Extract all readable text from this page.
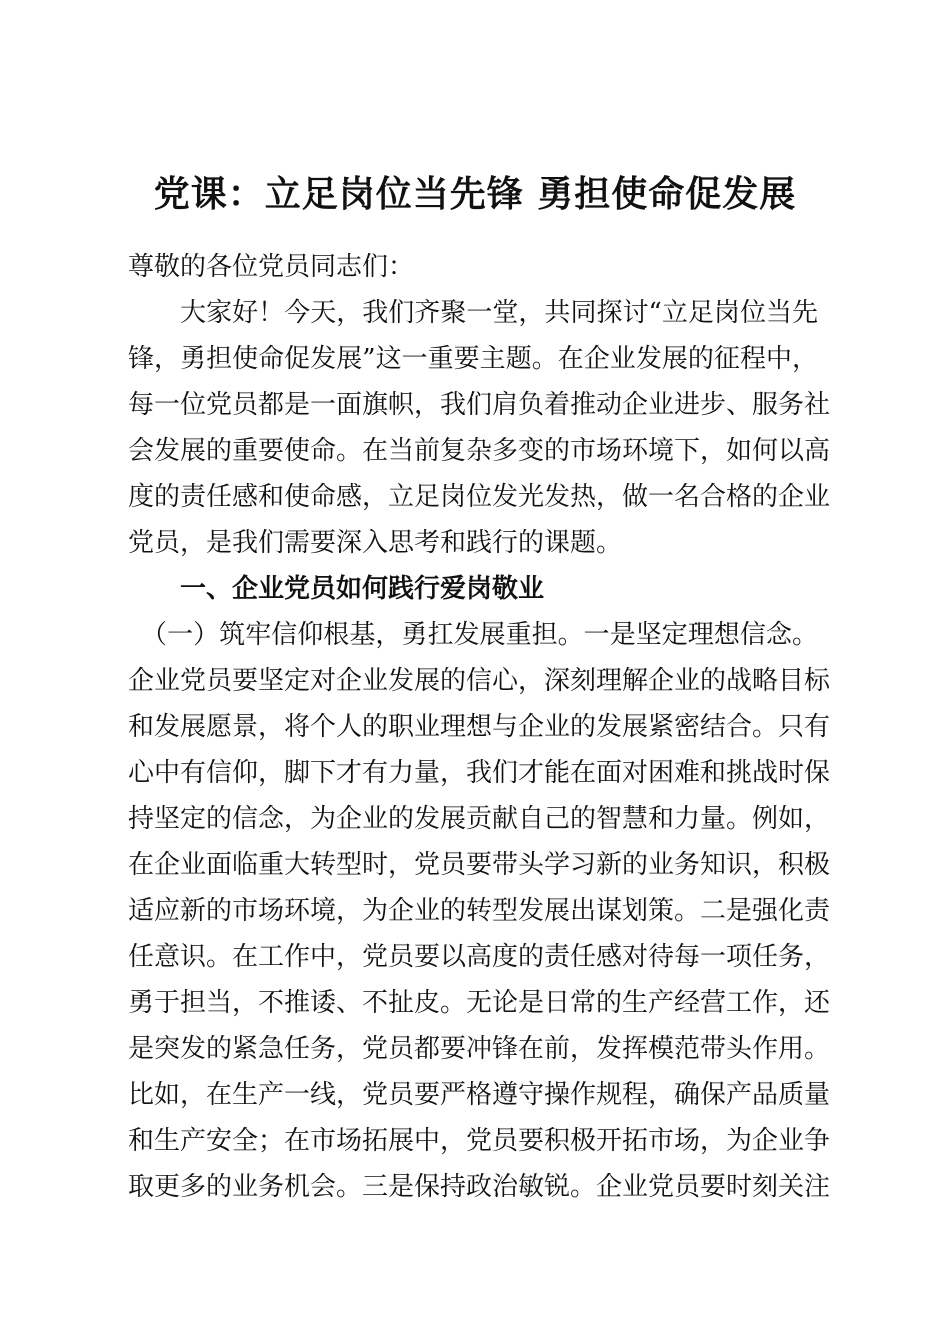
党课：立足岗位当先锋 勇担使命促发展
尊敬的各位党员同志们：
　　大家好！今天，我们齐聚一堂，共同探讨“立足岗位当先
锋，勇担使命促发展”这一重要主题。在企业发展的征程中，
每一位党员都是一面旗帜，我们肩负着推动企业进步、服务社
会发展的重要使命。在当前复杂多变的市场环境下，如何以高
度的责任感和使命感，立足岗位发光发热，做一名合格的企业
党员，是我们需要深入思考和践行的课题。
　　一、企业党员如何践行爱岗敬业
　（一）筑牢信仰根基，勇扛发展重担。一是坚定理想信念。
企业党员要坚定对企业发展的信心，深刻理解企业的战略目标
和发展愿景，将个人的职业理想与企业的发展紧密结合。只有
心中有信仰，脚下才有力量，我们才能在面对困难和挑战时保
持坚定的信念，为企业的发展贡献自己的智慧和力量。例如，
在企业面临重大转型时，党员要带头学习新的业务知识，积极
适应新的市场环境，为企业的转型发展出谋划策。二是强化责
任意识。在工作中，党员要以高度的责任感对待每一项任务，
勇于担当，不推诿、不扯皮。无论是日常的生产经营工作，还
是突发的紧急任务，党员都要冲锋在前，发挥模范带头作用。
比如，在生产一线，党员要严格遵守操作规程，确保产品质量
和生产安全；在市场拓展中，党员要积极开拓市场，为企业争
取更多的业务机会。三是保持政治敏锐。企业党员要时刻关注
